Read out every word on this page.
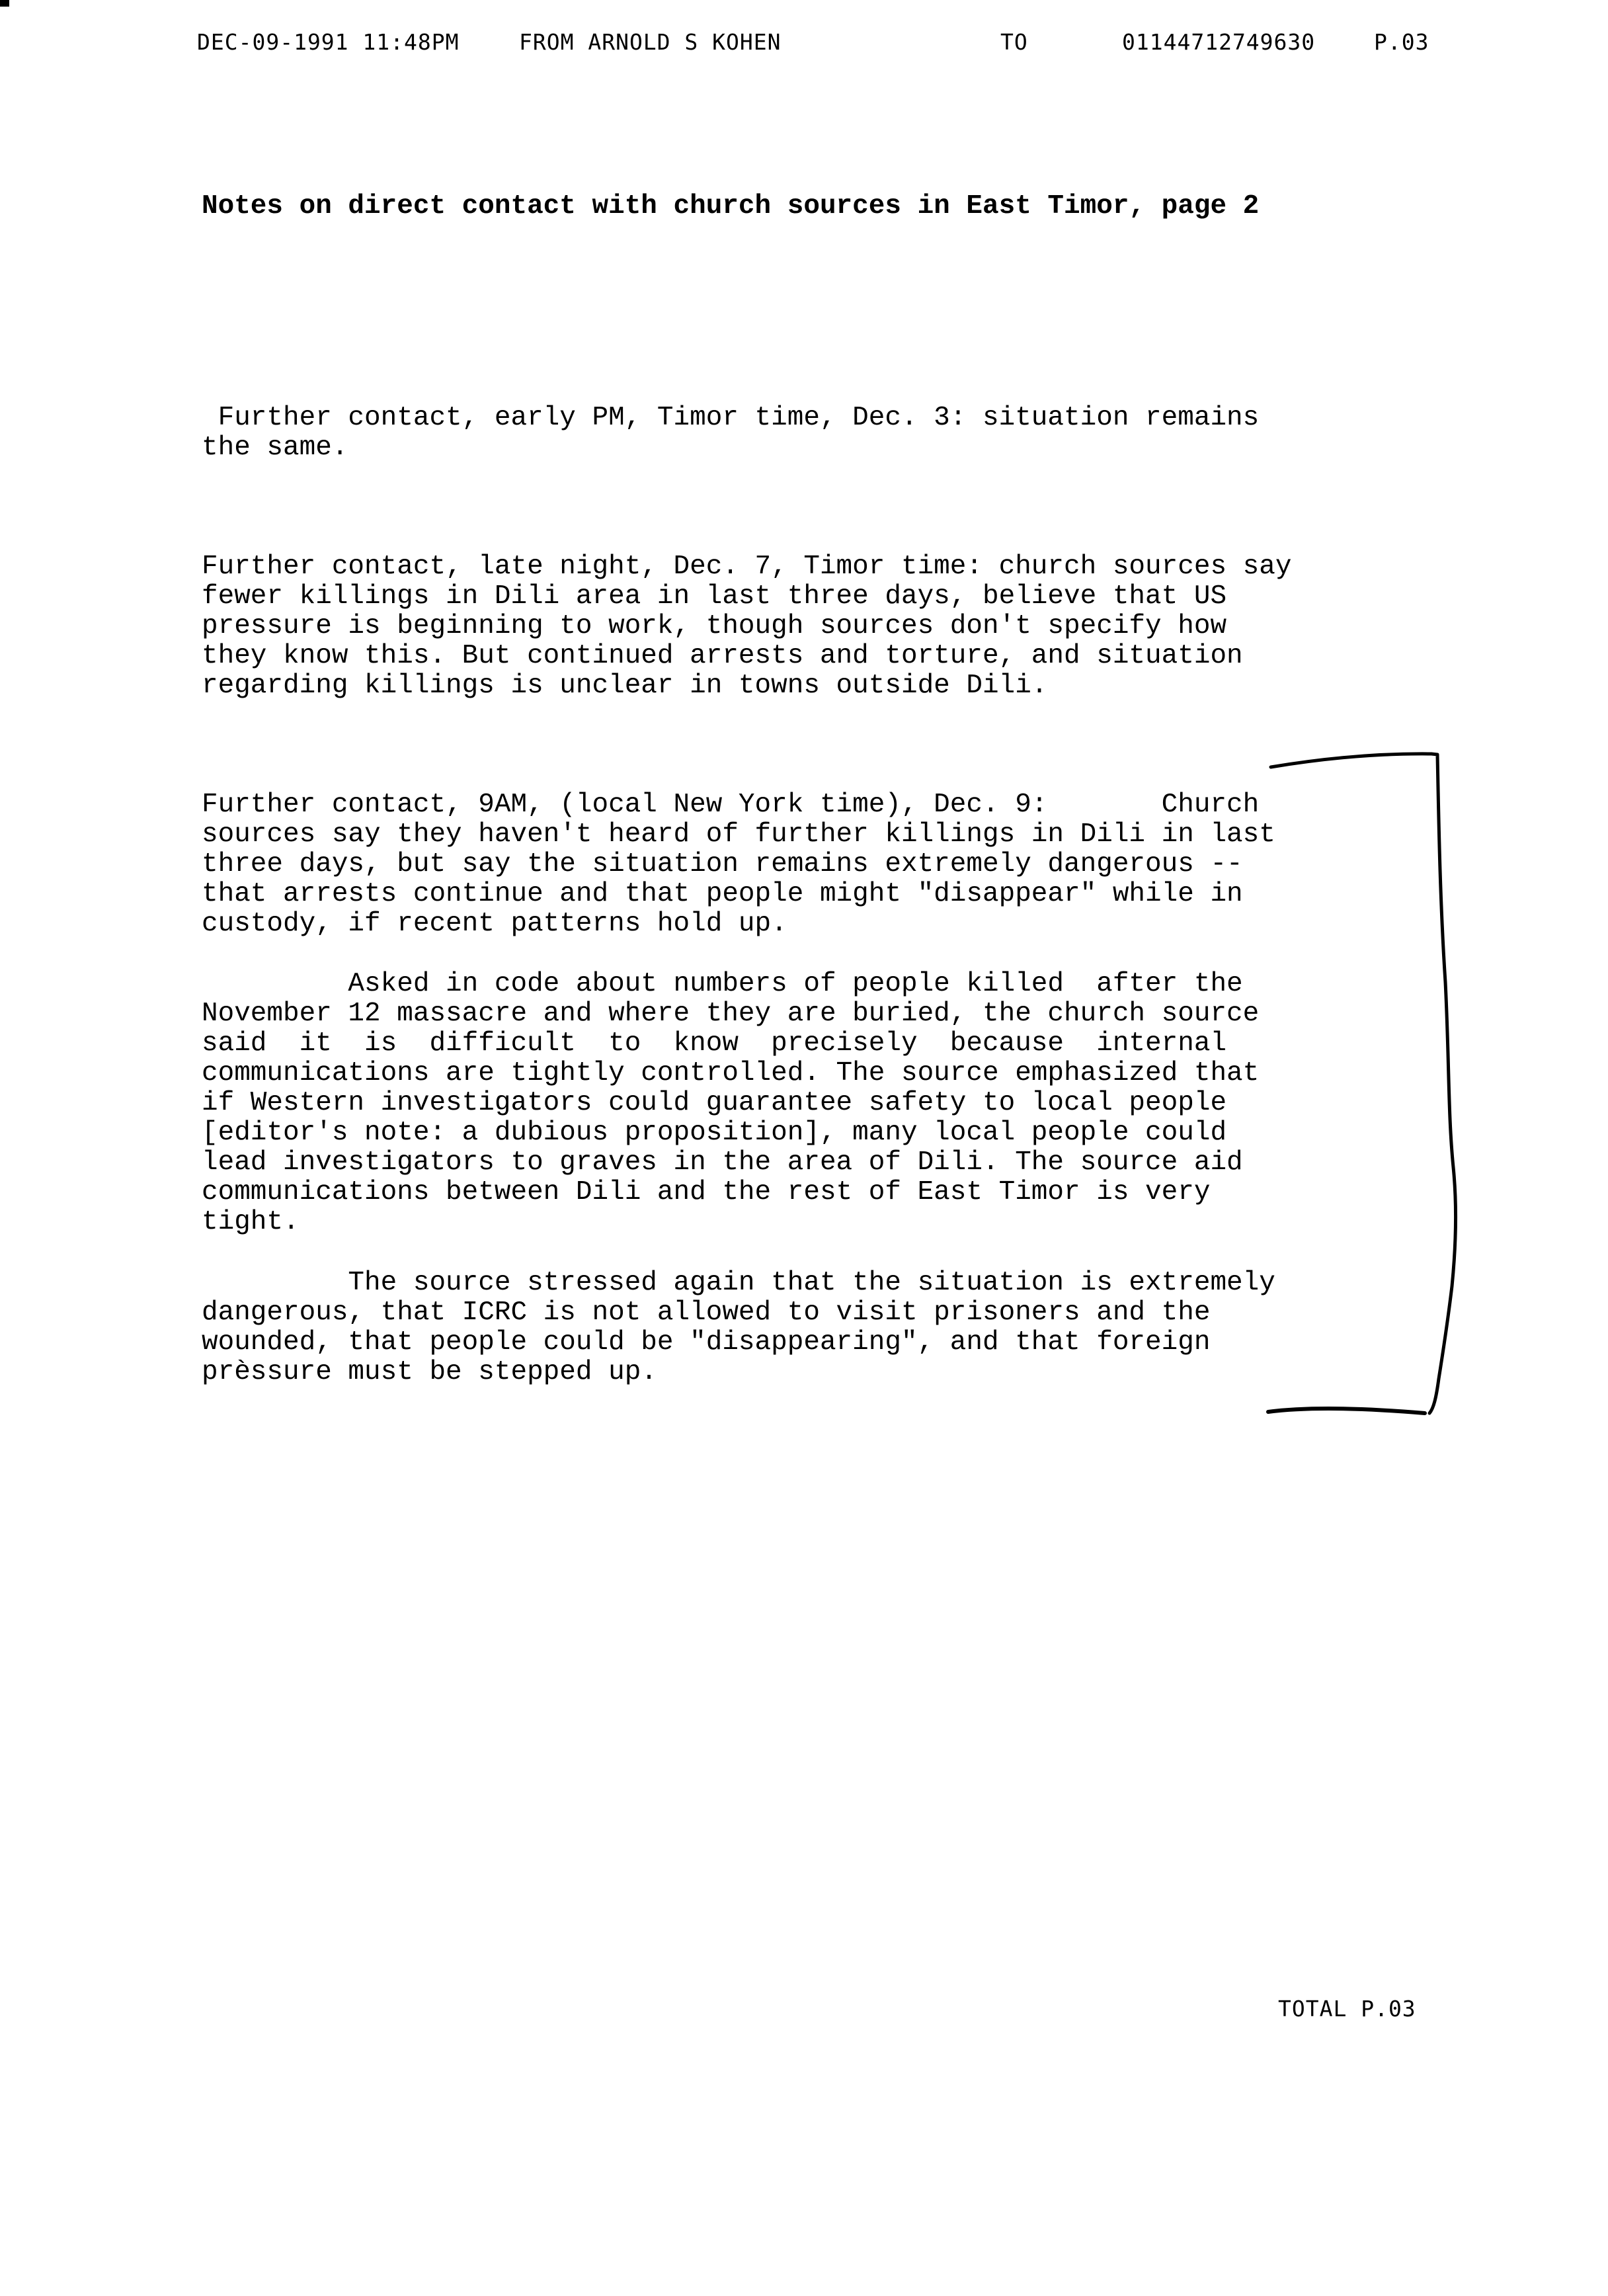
DEC-09-1991 11:48PM	FROM ARNOLD S KOHEN	TO	01144712749630	P.03
Notes on direct contact with church sources in East Timor, page 2
Further contact, early PM, Timor time, Dec. 3: situation remains
the same.
Further contact, late night, Dec. 7, Timor time: church sources say
fewer killings in Dili area in last three days, believe that US
pressure is beginning to work, though sources don't specify how
they know this. But continued arrests and torture, and situation
regarding killings is unclear in towns outside Dili.
Further contact, 9AM, (local New York time), Dec. 9:       Church
sources say they haven't heard of further killings in Dili in last
three days, but say the situation remains extremely dangerous --
that arrests continue and that people might "disappear" while in
custody, if recent patterns hold up.
Asked in code about numbers of people killed  after the
November 12 massacre and where they are buried, the church source
said  it  is  difficult  to  know  precisely  because  internal
communications are tightly controlled. The source emphasized that
if Western investigators could guarantee safety to local people
[editor's note: a dubious proposition], many local people could
lead investigators to graves in the area of Dili. The source aid
communications between Dili and the rest of East Timor is very
tight.
The source stressed again that the situation is extremely
dangerous, that ICRC is not allowed to visit prisoners and the
wounded, that people could be "disappearing", and that foreign
prèssure must be stepped up.
TOTAL P.03
